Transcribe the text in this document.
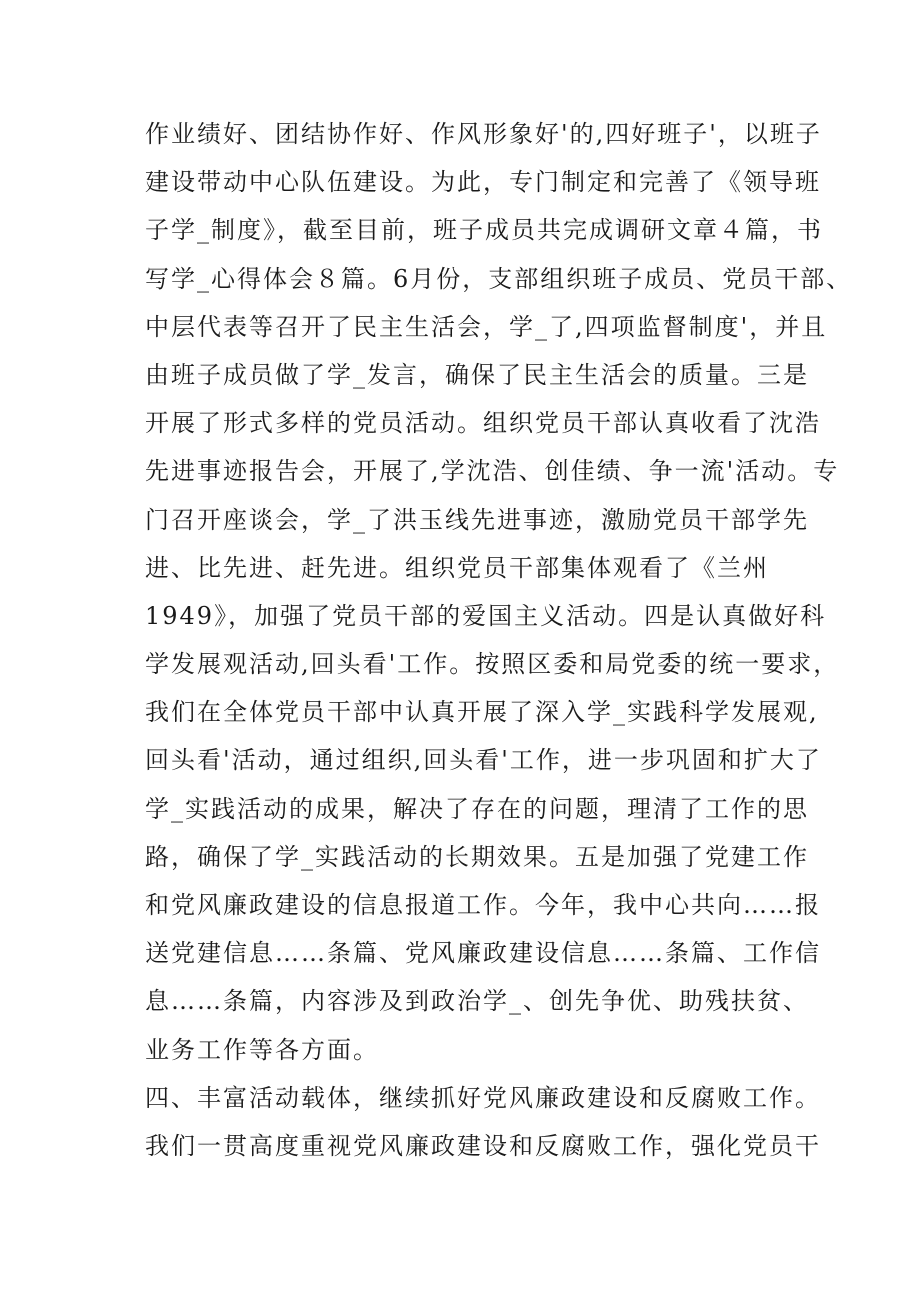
作业绩好、团结协作好、作风形象好'的,四好班子'，以班子
建设带动中心队伍建设。为此，专门制定和完善了《领导班
子学_制度》，截至目前，班子成员共完成调研文章４篇，书
写学_心得体会８篇。6月份，支部组织班子成员、党员干部、
中层代表等召开了民主生活会，学_了,四项监督制度'，并且
由班子成员做了学_发言，确保了民主生活会的质量。三是
开展了形式多样的党员活动。组织党员干部认真收看了沈浩
先进事迹报告会，开展了,学沈浩、创佳绩、争一流'活动。专
门召开座谈会，学_了洪玉线先进事迹，激励党员干部学先
进、比先进、赶先进。组织党员干部集体观看了《兰州
1949》，加强了党员干部的爱国主义活动。四是认真做好科
学发展观活动,回头看'工作。按照区委和局党委的统一要求，
我们在全体党员干部中认真开展了深入学_实践科学发展观,
回头看'活动，通过组织,回头看'工作，进一步巩固和扩大了
学_实践活动的成果，解决了存在的问题，理清了工作的思
路，确保了学_实践活动的长期效果。五是加强了党建工作
和党风廉政建设的信息报道工作。今年，我中心共向……报
送党建信息……条篇、党风廉政建设信息……条篇、工作信
息……条篇，内容涉及到政治学_、创先争优、助残扶贫、
业务工作等各方面。
四、丰富活动载体，继续抓好党风廉政建设和反腐败工作。
我们一贯高度重视党风廉政建设和反腐败工作，强化党员干
